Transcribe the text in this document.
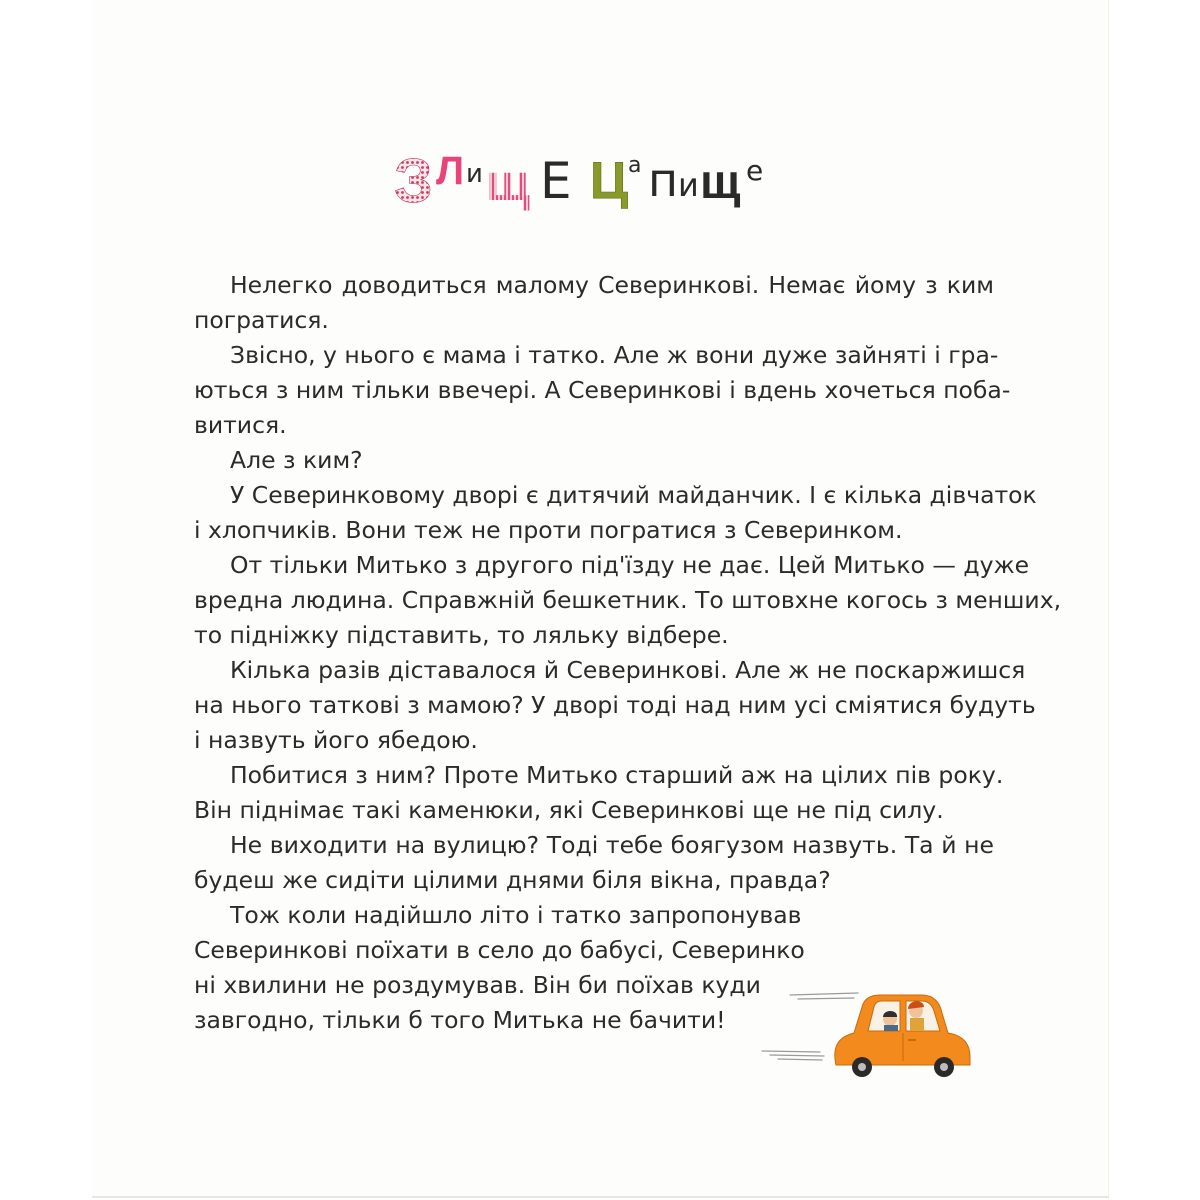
З Л и щ Е Ц а п и щ е
Нелегко доводиться малому Северинкові. Немає йому з ким
погратися.
Звісно, у нього є мама і татко. Але ж вони дуже зайняті і гра-
ються з ним тільки ввечері. А Северинкові і вдень хочеться поба-
витися.
Але з ким?
У Северинковому дворі є дитячий майданчик. І є кілька дівчаток
і хлопчиків. Вони теж не проти погратися з Северинком.
От тільки Митько з другого під'їзду не дає. Цей Митько — дуже
вредна людина. Справжній бешкетник. То штовхне когось з менших,
то підніжку підставить, то ляльку відбере.
Кілька разів діставалося й Северинкові. Але ж не поскаржишся
на нього таткові з мамою? У дворі тоді над ним усі сміятися будуть
і назвуть його ябедою.
Побитися з ним? Проте Митько старший аж на цілих пів року.
Він піднімає такі каменюки, які Северинкові ще не під силу.
Не виходити на вулицю? Тоді тебе боягузом назвуть. Та й не
будеш же сидіти цілими днями біля вікна, правда?
Тож коли надійшло літо і татко запропонував
Северинкові поїхати в село до бабусі, Северинко
ні хвилини не роздумував. Він би поїхав куди
завгодно, тільки б того Митька не бачити!
